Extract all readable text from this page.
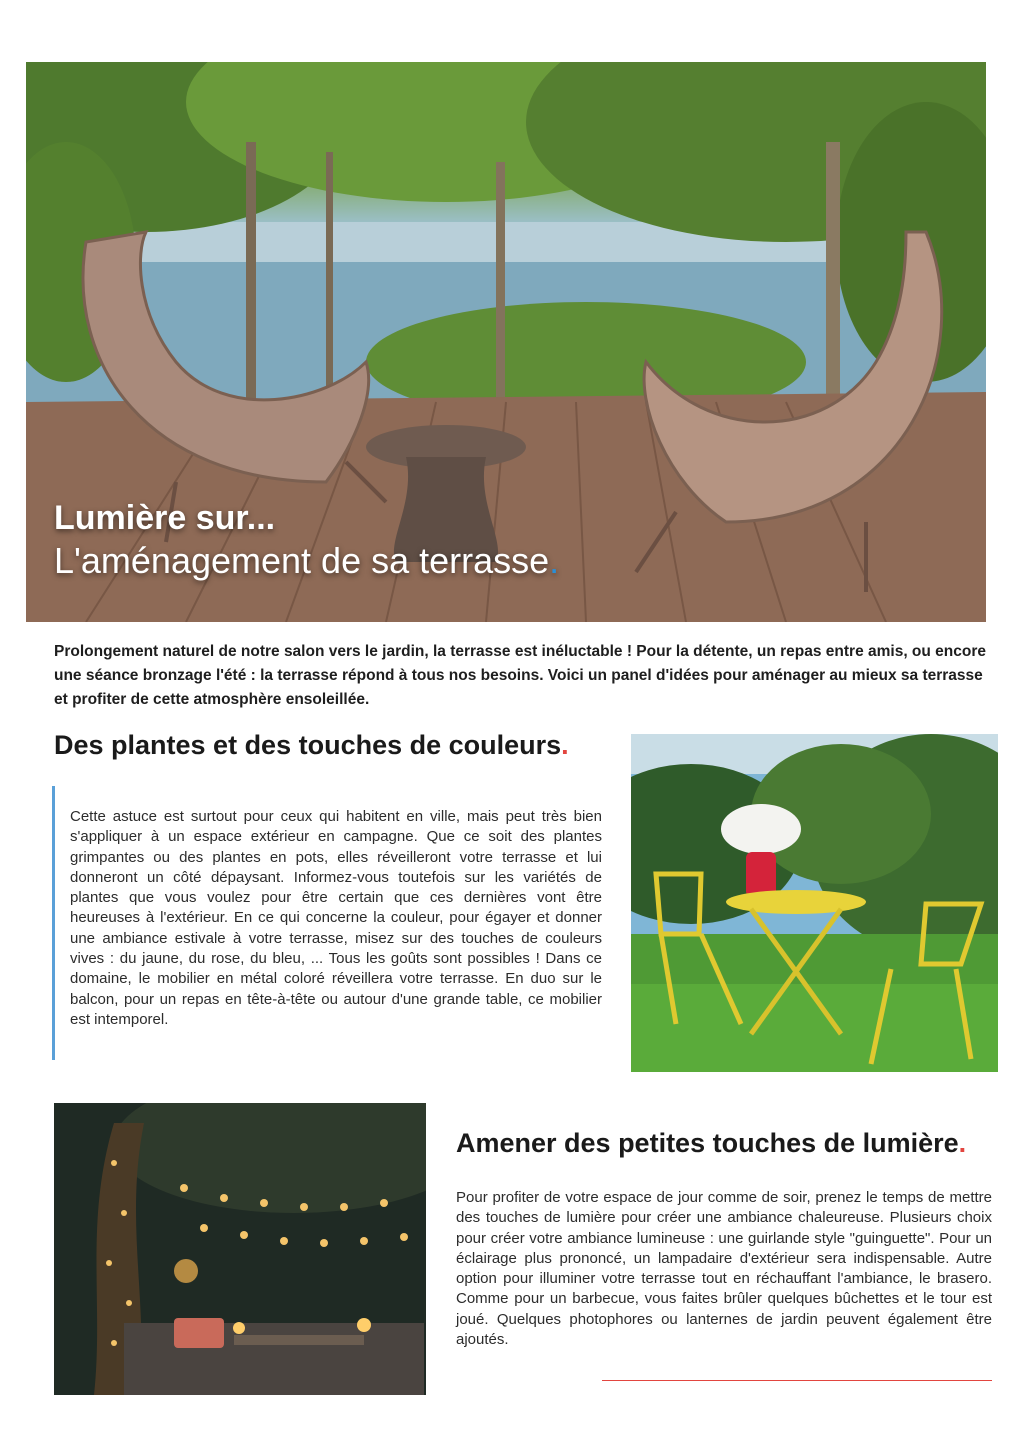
Lumière sur...
L'aménagement de sa terrasse.
Prolongement naturel de notre salon vers le jardin, la terrasse est inéluctable ! Pour la détente, un repas entre amis, ou encore une séance bronzage l'été : la terrasse répond à tous nos besoins. Voici un panel d'idées pour aménager au mieux sa terrasse et profiter de cette atmosphère ensoleillée.
Des plantes et des touches de couleurs.
Cette astuce est surtout pour ceux qui habitent en ville, mais peut très bien s'appliquer à un espace extérieur en campagne. Que ce soit des plantes grimpantes ou des plantes en pots, elles réveilleront votre terrasse et lui donneront un côté dépaysant. Informez-vous toutefois sur les variétés de plantes que vous voulez pour être certain que ces dernières vont être heureuses à l'extérieur. En ce qui concerne la couleur, pour égayer et donner une ambiance estivale à votre terrasse, misez sur des touches de couleurs vives : du jaune, du rose, du bleu, ... Tous les goûts sont possibles ! Dans ce domaine, le mobilier en métal coloré réveillera votre terrasse. En duo sur le balcon, pour un repas en tête-à-tête ou autour d'une grande table, ce mobilier est intemporel.
Amener des petites touches de lumière.
Pour profiter de votre espace de jour comme de soir, prenez le temps de mettre des touches de lumière pour créer une ambiance chaleureuse. Plusieurs choix pour créer votre ambiance lumineuse : une guirlande style "guinguette". Pour un éclairage plus prononcé, un lampadaire d'extérieur sera indispensable. Autre option pour illuminer votre terrasse tout en réchauffant l'ambiance, le brasero. Comme pour un barbecue, vous faites brûler quelques bûchettes et le tour est joué. Quelques photophores ou lanternes de jardin peuvent également être ajoutés.
